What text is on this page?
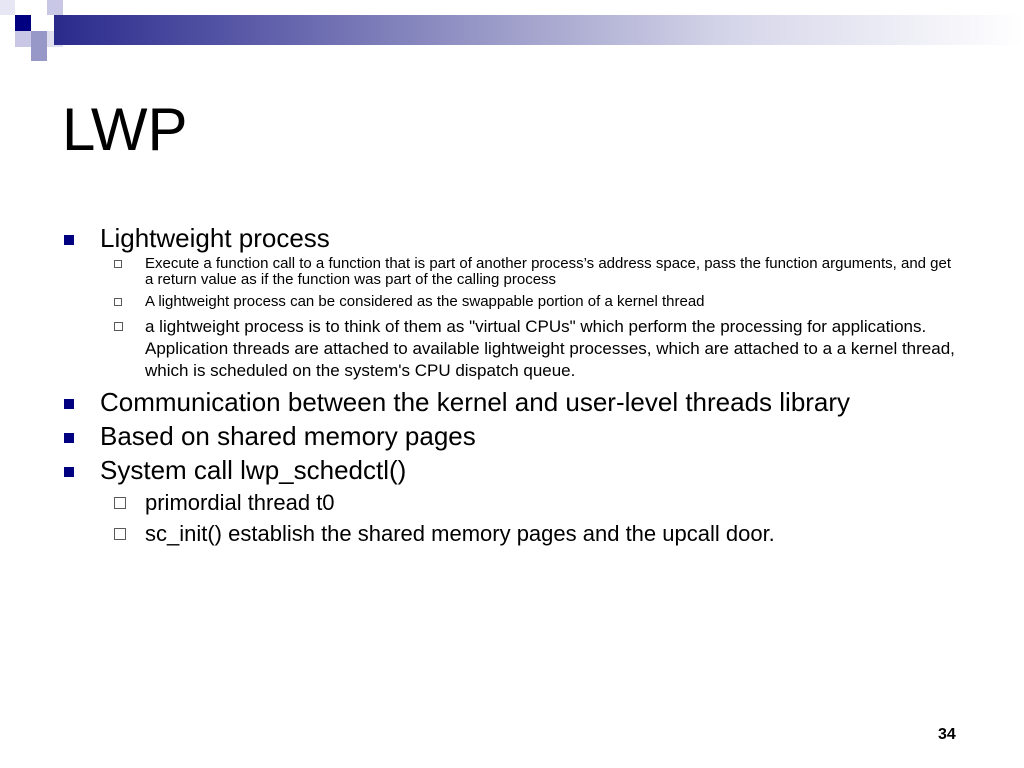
LWP
Lightweight process
Execute a function call to a function that is part of another process’s address space, pass the function arguments, and get a return value as if the function was part of the calling process
A lightweight process can be considered as the swappable portion of a kernel thread
a lightweight process is to think of them as "virtual CPUs" which perform the processing for applications. Application threads are attached to available lightweight processes, which are attached to a a kernel thread, which is scheduled on the system's CPU dispatch queue.
Communication between the kernel and user-level threads library
Based on shared memory pages
System call lwp_schedctl()
primordial thread t0
sc_init() establish the shared memory pages and the upcall door.
34
